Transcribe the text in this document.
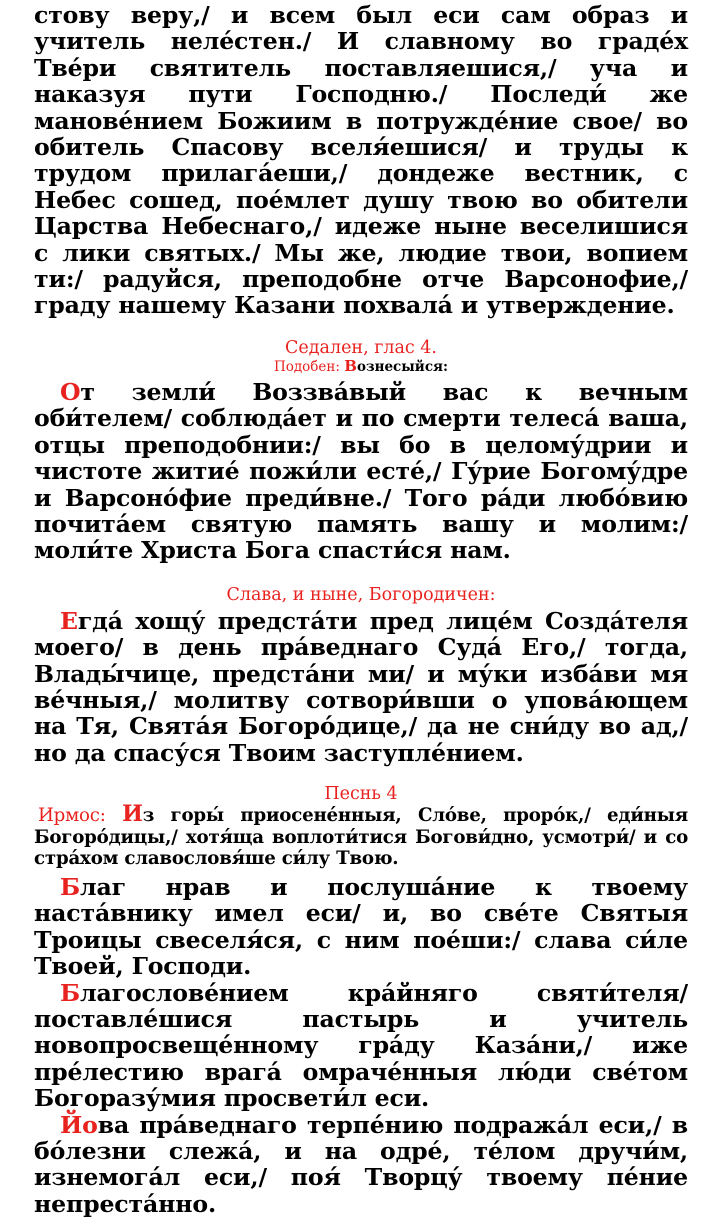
стову веру,/ и всем был еси сам образ и учитель нелéстен./ И славному во градéх Твéри святитель поставляешися,/ уча и наказуя пути Господню./ Последи́ же мановéнием Божиим в потруждéние свое/ во обитель Спасову вселя́ешися/ и труды к трудом прилагáеши,/ дондеже вестник, с Небес сошед, поéмлет душу твою во обители Царства Небеснаго,/ идеже ныне веселишися с лики святых./ Мы же, людие твои, вопием ти:/ радуйся, преподобне отче Варсонофие,/ граду нашему Казани похвалá и утверждение.

Седален, глас 4.

Подобен: Вознесыйся:

От земли́ Воззвáвый вас к вечным оби́телем/ соблюдáет и по смерти телесá ваша, отцы преподобнии:/ вы бо в целому́дрии и чистоте житие́ пожи́ли есте́,/ Гу́рие Богому́дре и Варсонóфие преди́вне./ Того рáди любóвию почитáем святую память вашу и молим:/ моли́те Христа Бога спасти́ся нам.

Слава, и ныне, Богородичен:

Егдá хощу́ предстáти пред лицéм Создáтеля моего/ в день прáведнаго Судá Его,/ тогда, Влады́чице, предстáни ми/ и му́ки избáви мя вéчныя,/ молитву сотвори́вши о уповáющем на Тя, Святáя Богорóдице,/ да не сни́ду во ад,/ но да спасу́ся Твоим заступлéнием.

Песнь 4

Ирмос: Из горы́ приосенéнныя, Слóве, прорóк,/ еди́ныя Богорóдицы,/ хотя́ща воплоти́тися Богови́дно, усмотри́/ и со стрáхом славословя́ше си́лу Твою.

Благ нрав и послушáние к твоему настáвнику имел еси/ и, во свéте Святыя Троицы свеселя́ся, с ним поéши:/ слава си́ле Твоей, Господи.

Благословéнием крáйняго святи́теля/ поставлéшися пастырь и учитель новопросвещéнному грáду Казáни,/ иже прéлестию врагá омрачéнныя лю́ди свéтом Богоразу́мия просвети́л еси.

Йова прáведнаго терпéнию подражáл еси,/ в бóлезни слежá, и на одрé, тéлом дручи́м, изнемогáл еси,/ поя́ Творцу́ твоему пéние непрестáнно.
